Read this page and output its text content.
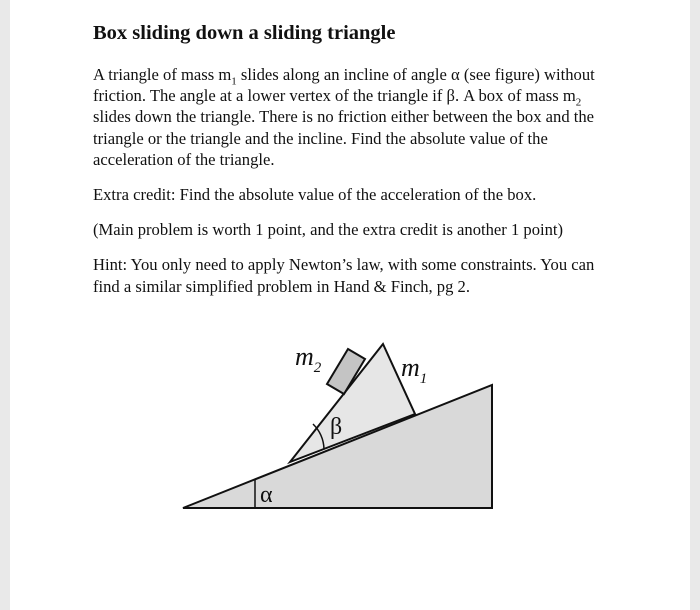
Box sliding down a sliding triangle

A triangle of mass $m_1$ slides along an incline of angle α (see figure) without friction. The angle at a lower vertex of the triangle if β. A box of mass $m_2$ slides down the triangle. There is no friction either between the box and the triangle or the triangle and the incline. Find the absolute value of the acceleration of the triangle.

Extra credit: Find the absolute value of the acceleration of the box.

(Main problem is worth 1 point, and the extra credit is another 1 point)

Hint: You only need to apply Newton’s law, with some constraints. You can find a similar simplified problem in Hand & Finch, pg 2.

$m_2$	$m_1$
β
α
